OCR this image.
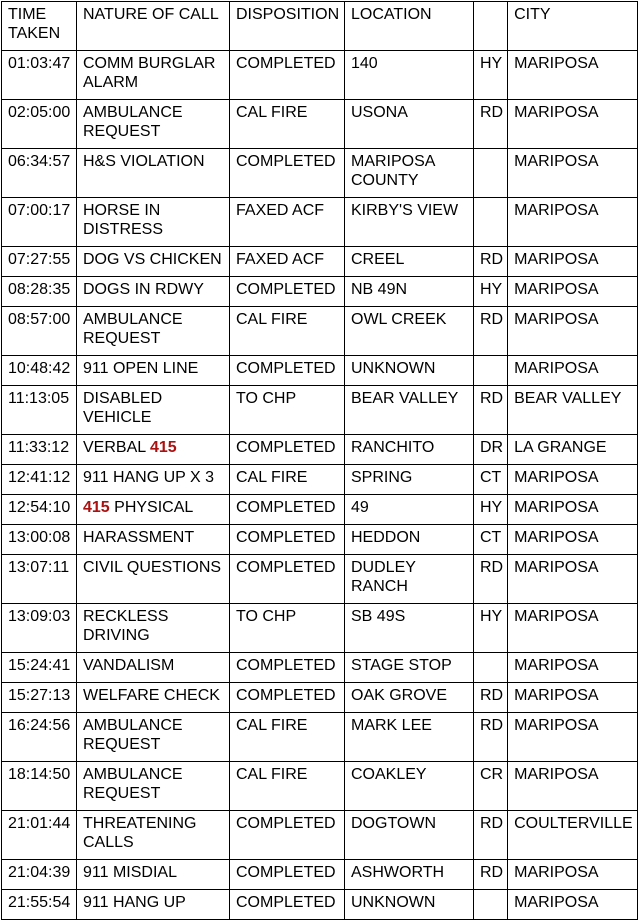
TIME
TAKEN	NATURE OF CALL	DISPOSITION	LOCATION		CITY
01:03:47	COMM BURGLAR ALARM	COMPLETED	140	HY	MARIPOSA
02:05:00	AMBULANCE REQUEST	CAL FIRE	USONA	RD	MARIPOSA
06:34:57	H&S VIOLATION	COMPLETED	MARIPOSA COUNTY		MARIPOSA
07:00:17	HORSE IN DISTRESS	FAXED ACF	KIRBY'S VIEW		MARIPOSA
07:27:55	DOG VS CHICKEN	FAXED ACF	CREEL	RD	MARIPOSA
08:28:35	DOGS IN RDWY	COMPLETED	NB 49N	HY	MARIPOSA
08:57:00	AMBULANCE REQUEST	CAL FIRE	OWL CREEK	RD	MARIPOSA
10:48:42	911 OPEN LINE	COMPLETED	UNKNOWN		MARIPOSA
11:13:05	DISABLED VEHICLE	TO CHP	BEAR VALLEY	RD	BEAR VALLEY
11:33:12	VERBAL 415	COMPLETED	RANCHITO	DR	LA GRANGE
12:41:12	911 HANG UP X 3	CAL FIRE	SPRING	CT	MARIPOSA
12:54:10	415 PHYSICAL	COMPLETED	49	HY	MARIPOSA
13:00:08	HARASSMENT	COMPLETED	HEDDON	CT	MARIPOSA
13:07:11	CIVIL QUESTIONS	COMPLETED	DUDLEY RANCH	RD	MARIPOSA
13:09:03	RECKLESS DRIVING	TO CHP	SB 49S	HY	MARIPOSA
15:24:41	VANDALISM	COMPLETED	STAGE STOP		MARIPOSA
15:27:13	WELFARE CHECK	COMPLETED	OAK GROVE	RD	MARIPOSA
16:24:56	AMBULANCE REQUEST	CAL FIRE	MARK LEE	RD	MARIPOSA
18:14:50	AMBULANCE REQUEST	CAL FIRE	COAKLEY	CR	MARIPOSA
21:01:44	THREATENING CALLS	COMPLETED	DOGTOWN	RD	COULTERVILLE
21:04:39	911 MISDIAL	COMPLETED	ASHWORTH	RD	MARIPOSA
21:55:54	911 HANG UP	COMPLETED	UNKNOWN		MARIPOSA
